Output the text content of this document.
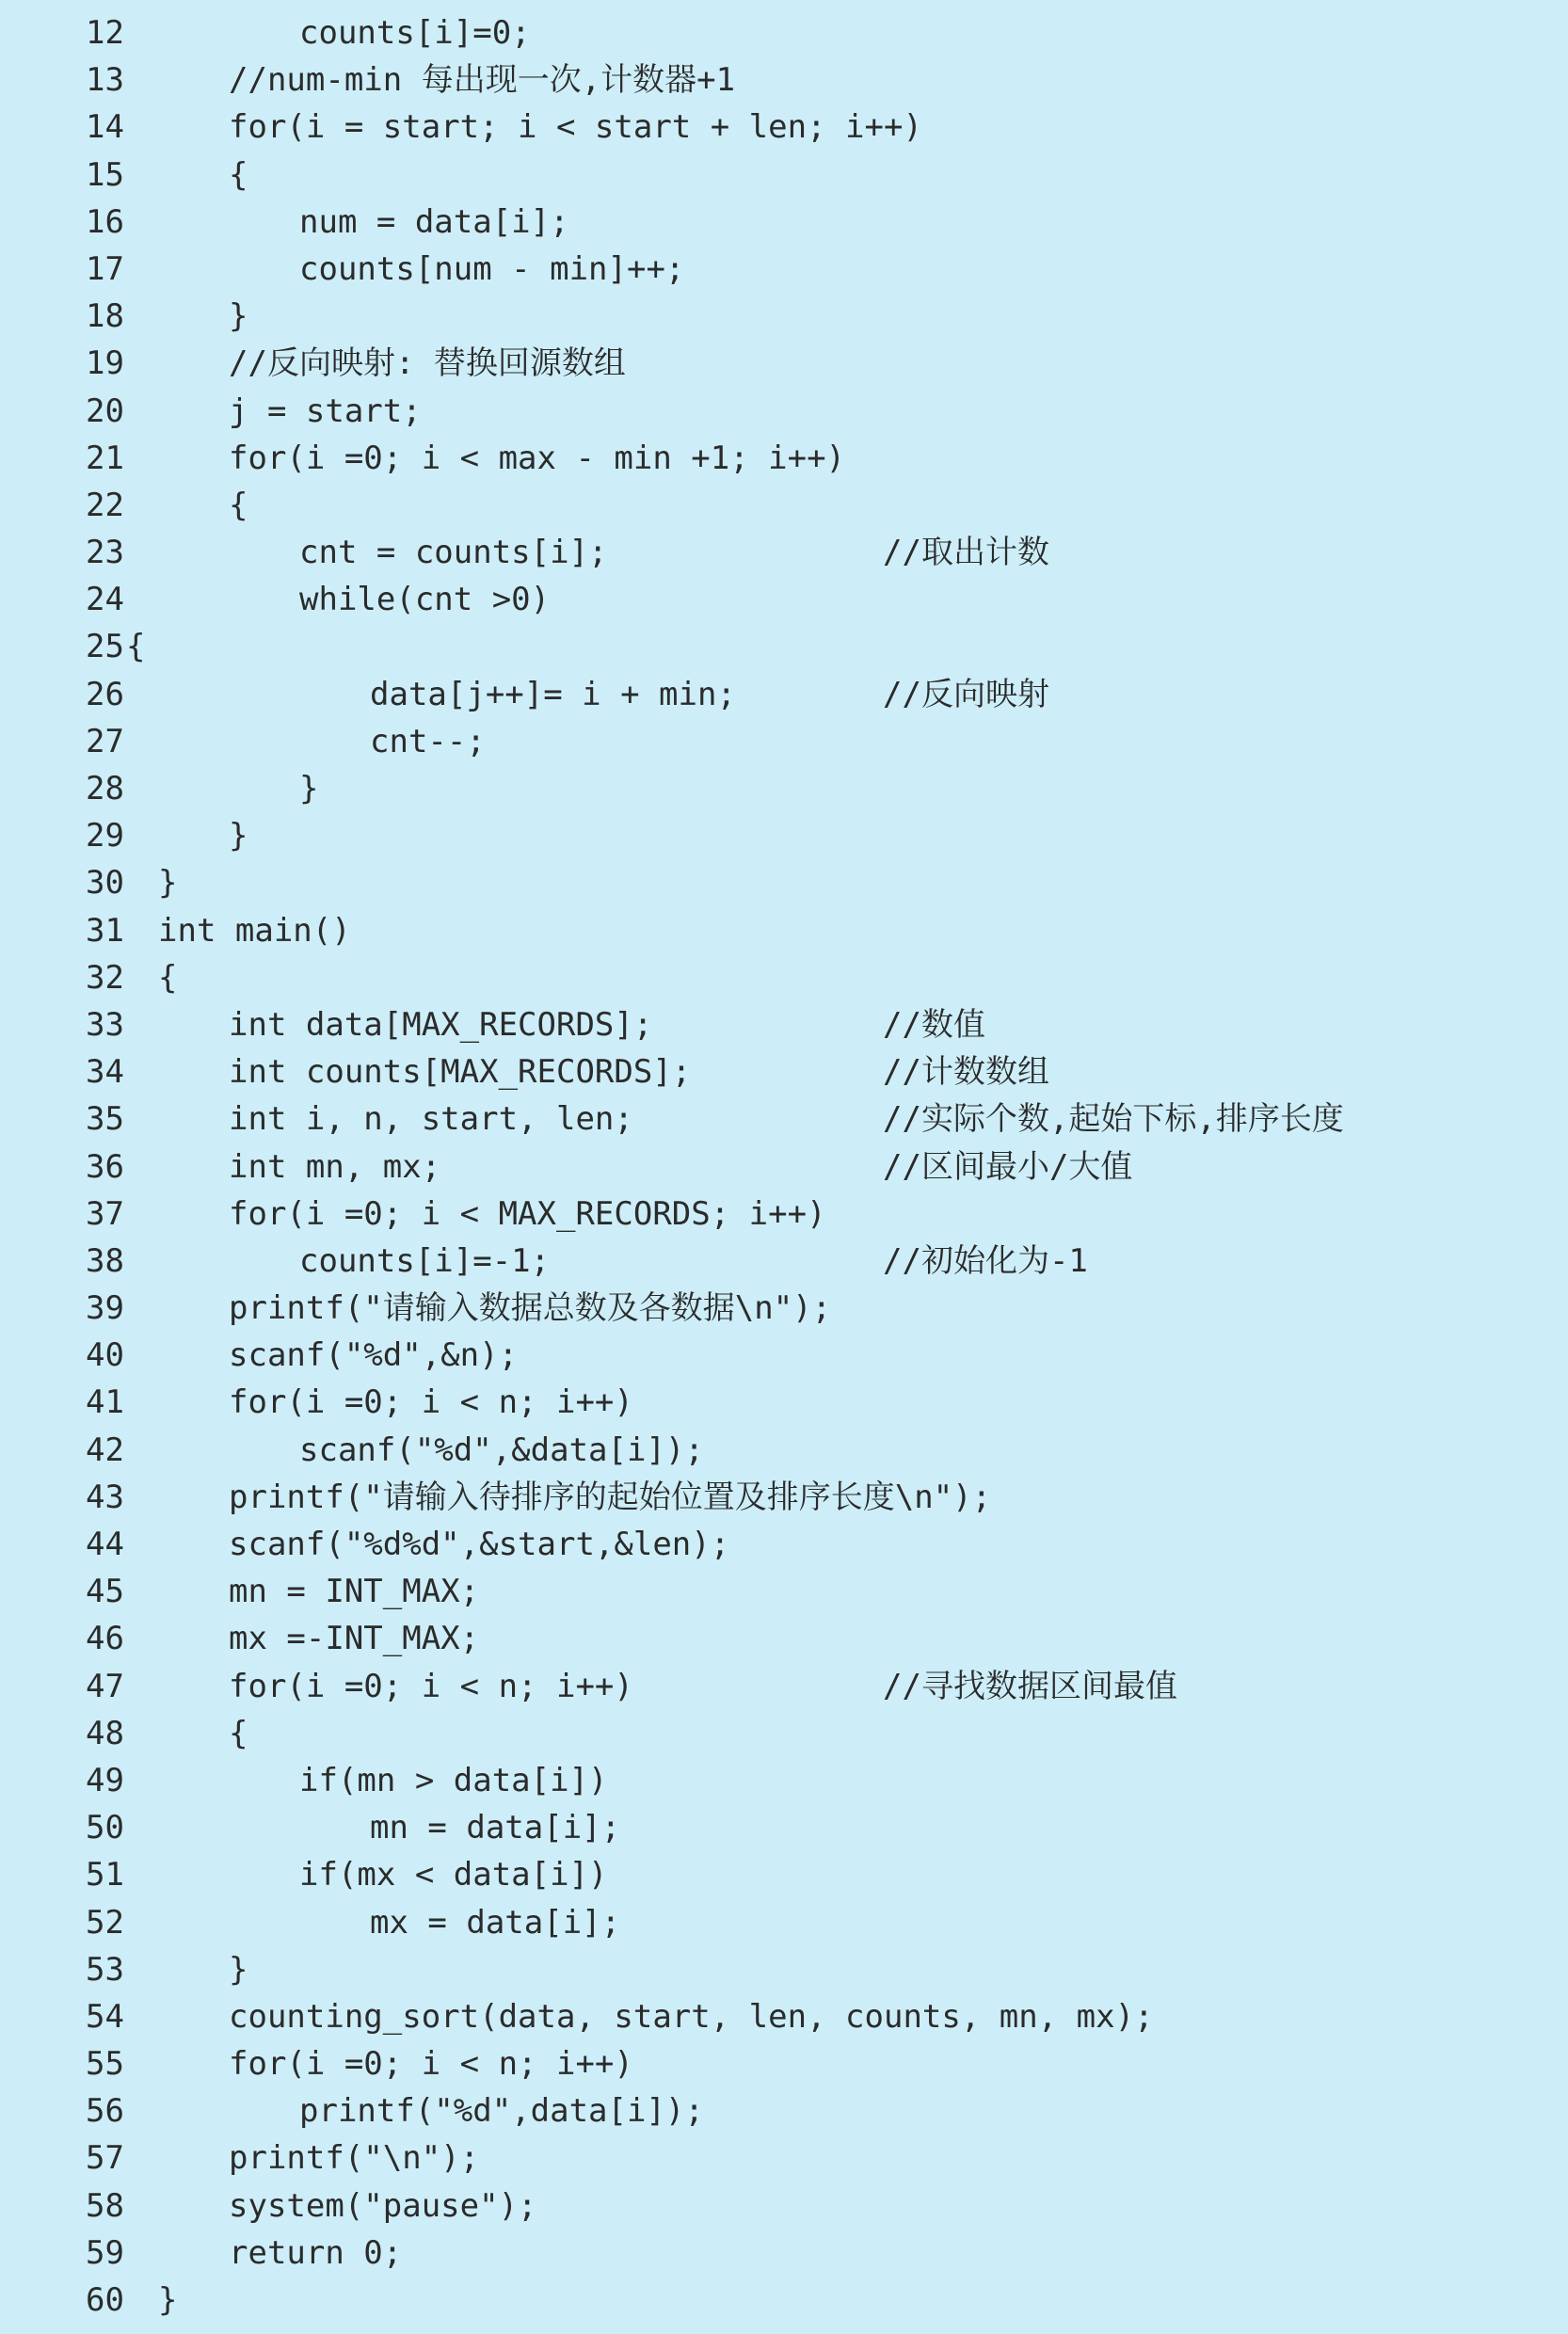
12	counts[i]=0;
13	//num-min 每出现一次,计数器+1
14	for(i = start; i < start + len; i++)
15	{
16	num = data[i];
17	counts[num - min]++;
18	}
19	//反向映射: 替换回源数组
20	j = start;
21	for(i =0; i < max - min +1; i++)
22	{
23	cnt = counts[i];	//取出计数
24	while(cnt >0)
25 {
26	data[j++]= i + min;	//反向映射
27	cnt--;
28	}
29	}
30	}
31	int main()
32	{
33	int data[MAX_RECORDS];	//数值
34	int counts[MAX_RECORDS];	//计数数组
35	int i, n, start, len;	//实际个数,起始下标,排序长度
36	int mn, mx;	//区间最小/大值
37	for(i =0; i < MAX_RECORDS; i++)
38	counts[i]=-1;	//初始化为-1
39	printf("请输入数据总数及各数据\n");
40	scanf("%d",&n);
41	for(i =0; i < n; i++)
42	scanf("%d",&data[i]);
43	printf("请输入待排序的起始位置及排序长度\n");
44	scanf("%d%d",&start,&len);
45	mn = INT_MAX;
46	mx =-INT_MAX;
47	for(i =0; i < n; i++)	//寻找数据区间最值
48	{
49	if(mn > data[i])
50	mn = data[i];
51	if(mx < data[i])
52	mx = data[i];
53	}
54	counting_sort(data, start, len, counts, mn, mx);
55	for(i =0; i < n; i++)
56	printf("%d",data[i]);
57	printf("\n");
58	system("pause");
59	return 0;
60	}
